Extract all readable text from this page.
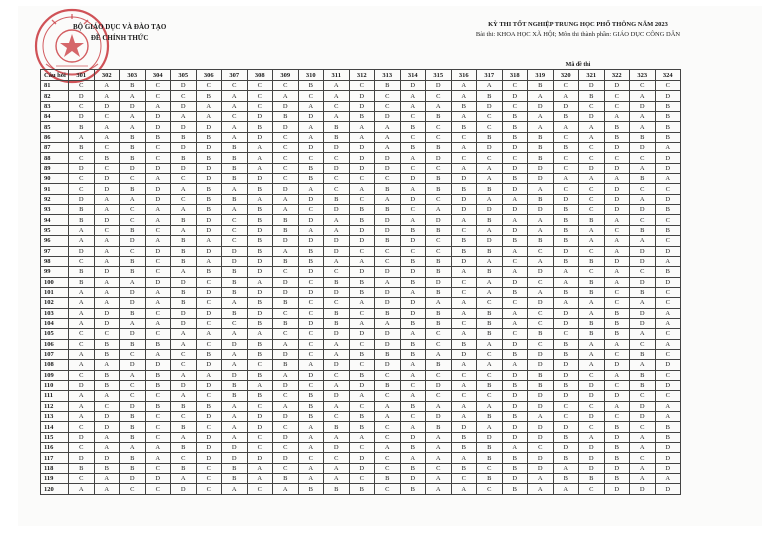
BỘ GIÁO DỤC VÀ ĐÀO TẠO
ĐỀ CHÍNH THỨC
KỲ THI TỐT NGHIỆP TRUNG HỌC PHỔ THÔNG NĂM 2023
Bài thi: KHOA HỌC XÃ HỘI; Môn thi thành phần: GIÁO DỤC CÔNG DÂN
Mã đề thi
Câu hỏi	301	302	303	304	305	306	307	308	309	310	311	312	313	314	315	316	317	318	319	320	321	322	323	324
81	C	A	B	C	D	C	C	C	C	B	A	C	B	D	D	A	A	C	B	C	D	D	C	C
82	D	A	A	C	C	B	A	C	A	C	A	D	C	A	C	A	B	D	A	A	B	C	A	D
83	C	D	D	A	D	A	A	C	D	A	C	D	C	A	A	B	D	C	D	D	C	C	D	B
84	D	C	A	D	A	A	C	D	B	D	A	B	D	C	B	A	C	B	A	B	D	A	A	B
85	B	A	A	D	D	D	A	B	D	A	B	A	A	B	C	B	C	B	A	A	A	B	A	B
86	A	A	B	B	B	B	A	D	C	A	B	A	A	C	C	C	B	B	B	C	A	B	B	B
87	B	C	B	C	D	D	B	A	C	D	D	D	A	B	B	A	D	D	B	B	C	D	D	A
88	C	B	B	C	B	B	B	A	C	C	C	D	D	A	D	C	C	C	B	C	C	C	C	D
89	D	C	D	D	D	D	B	A	C	B	D	D	D	C	C	A	A	D	D	C	D	D	A	D
90	C	D	C	A	C	D	B	D	C	B	C	C	C	D	B	D	A	B	D	A	A	A	B	A
91	C	D	B	D	A	B	A	B	D	A	C	A	B	A	B	B	B	D	A	C	C	D	C	C
92	D	A	A	D	C	B	B	A	A	D	B	C	A	D	C	D	A	A	B	D	C	D	A	D
93	B	A	C	A	A	B	A	B	A	C	D	B	B	C	A	D	D	D	D	B	C	D	D	B
94	B	D	C	A	B	D	C	B	B	D	A	B	D	A	D	A	B	A	A	B	B	A	C	C
95	A	C	B	C	A	D	C	D	B	A	A	D	D	B	B	C	A	D	A	B	A	C	B	B
96	A	A	D	A	B	A	C	B	D	D	D	D	B	D	C	B	D	B	B	B	A	A	A	C
97	D	A	C	D	B	D	D	B	A	B	D	C	C	C	C	B	B	A	C	D	C	A	D	D
98	C	A	B	C	B	A	D	D	B	B	A	A	C	B	B	D	A	C	A	B	B	D	D	A
99	B	D	B	C	A	B	B	D	C	D	C	D	D	D	B	A	B	A	D	A	C	A	C	B
100	B	A	A	D	D	C	B	A	D	C	B	B	A	B	D	C	A	D	C	A	B	A	D	D
101	A	A	D	A	B	D	B	D	D	D	D	B	D	A	B	C	A	B	A	B	B	C	B	C
102	A	A	D	A	B	C	A	B	B	C	C	A	D	D	A	A	C	C	D	A	A	C	A	C
103	A	D	B	C	D	D	B	D	C	C	B	C	B	D	B	A	B	A	C	D	A	B	D	A
104	A	D	A	A	D	C	C	B	B	D	B	A	A	B	B	C	B	A	C	D	B	B	D	A
105	C	C	D	C	A	A	A	A	C	C	D	D	D	A	C	A	B	C	B	C	B	B	A	C
106	C	B	B	B	A	C	D	B	A	C	A	C	D	B	C	B	A	D	C	B	A	A	C	A
107	A	B	C	A	C	B	A	B	D	C	A	B	B	B	A	D	C	B	D	B	A	C	B	C
108	A	A	D	D	C	D	A	C	B	A	D	C	D	A	B	A	A	A	D	D	A	D	A	D
109	C	B	A	B	A	A	D	B	A	D	C	B	C	A	C	C	C	D	B	D	C	A	B	C
110	D	B	C	B	D	D	B	A	D	C	A	D	B	C	D	A	B	B	B	B	D	C	B	D
111	A	A	C	C	A	C	B	B	C	B	D	A	C	A	C	C	C	D	D	D	D	D	C	C
112	A	C	D	B	B	B	A	C	A	B	A	C	A	B	A	A	A	D	D	C	C	A	D	A
113	A	D	B	C	C	D	A	D	D	B	C	B	A	C	D	A	B	B	A	C	D	C	D	A
114	C	D	B	C	B	C	A	D	C	A	B	B	C	A	B	D	A	D	D	D	C	B	C	B
115	D	A	B	C	A	D	A	C	D	A	A	A	C	D	A	B	D	D	D	B	A	D	A	B
116	C	A	A	A	B	D	D	C	C	A	D	C	A	B	A	B	B	A	C	D	D	B	A	D
117	D	D	B	A	C	D	D	D	D	C	C	D	C	A	A	A	B	B	D	B	D	B	C	D
118	B	B	B	C	B	C	B	A	C	A	A	D	C	B	C	B	C	B	D	A	D	D	A	D
119	C	A	D	D	A	C	B	A	B	A	A	C	B	D	A	C	B	D	A	B	B	B	A	A
120	A	A	C	C	D	C	A	C	A	B	B	B	C	B	A	A	C	B	A	A	C	D	D	D
